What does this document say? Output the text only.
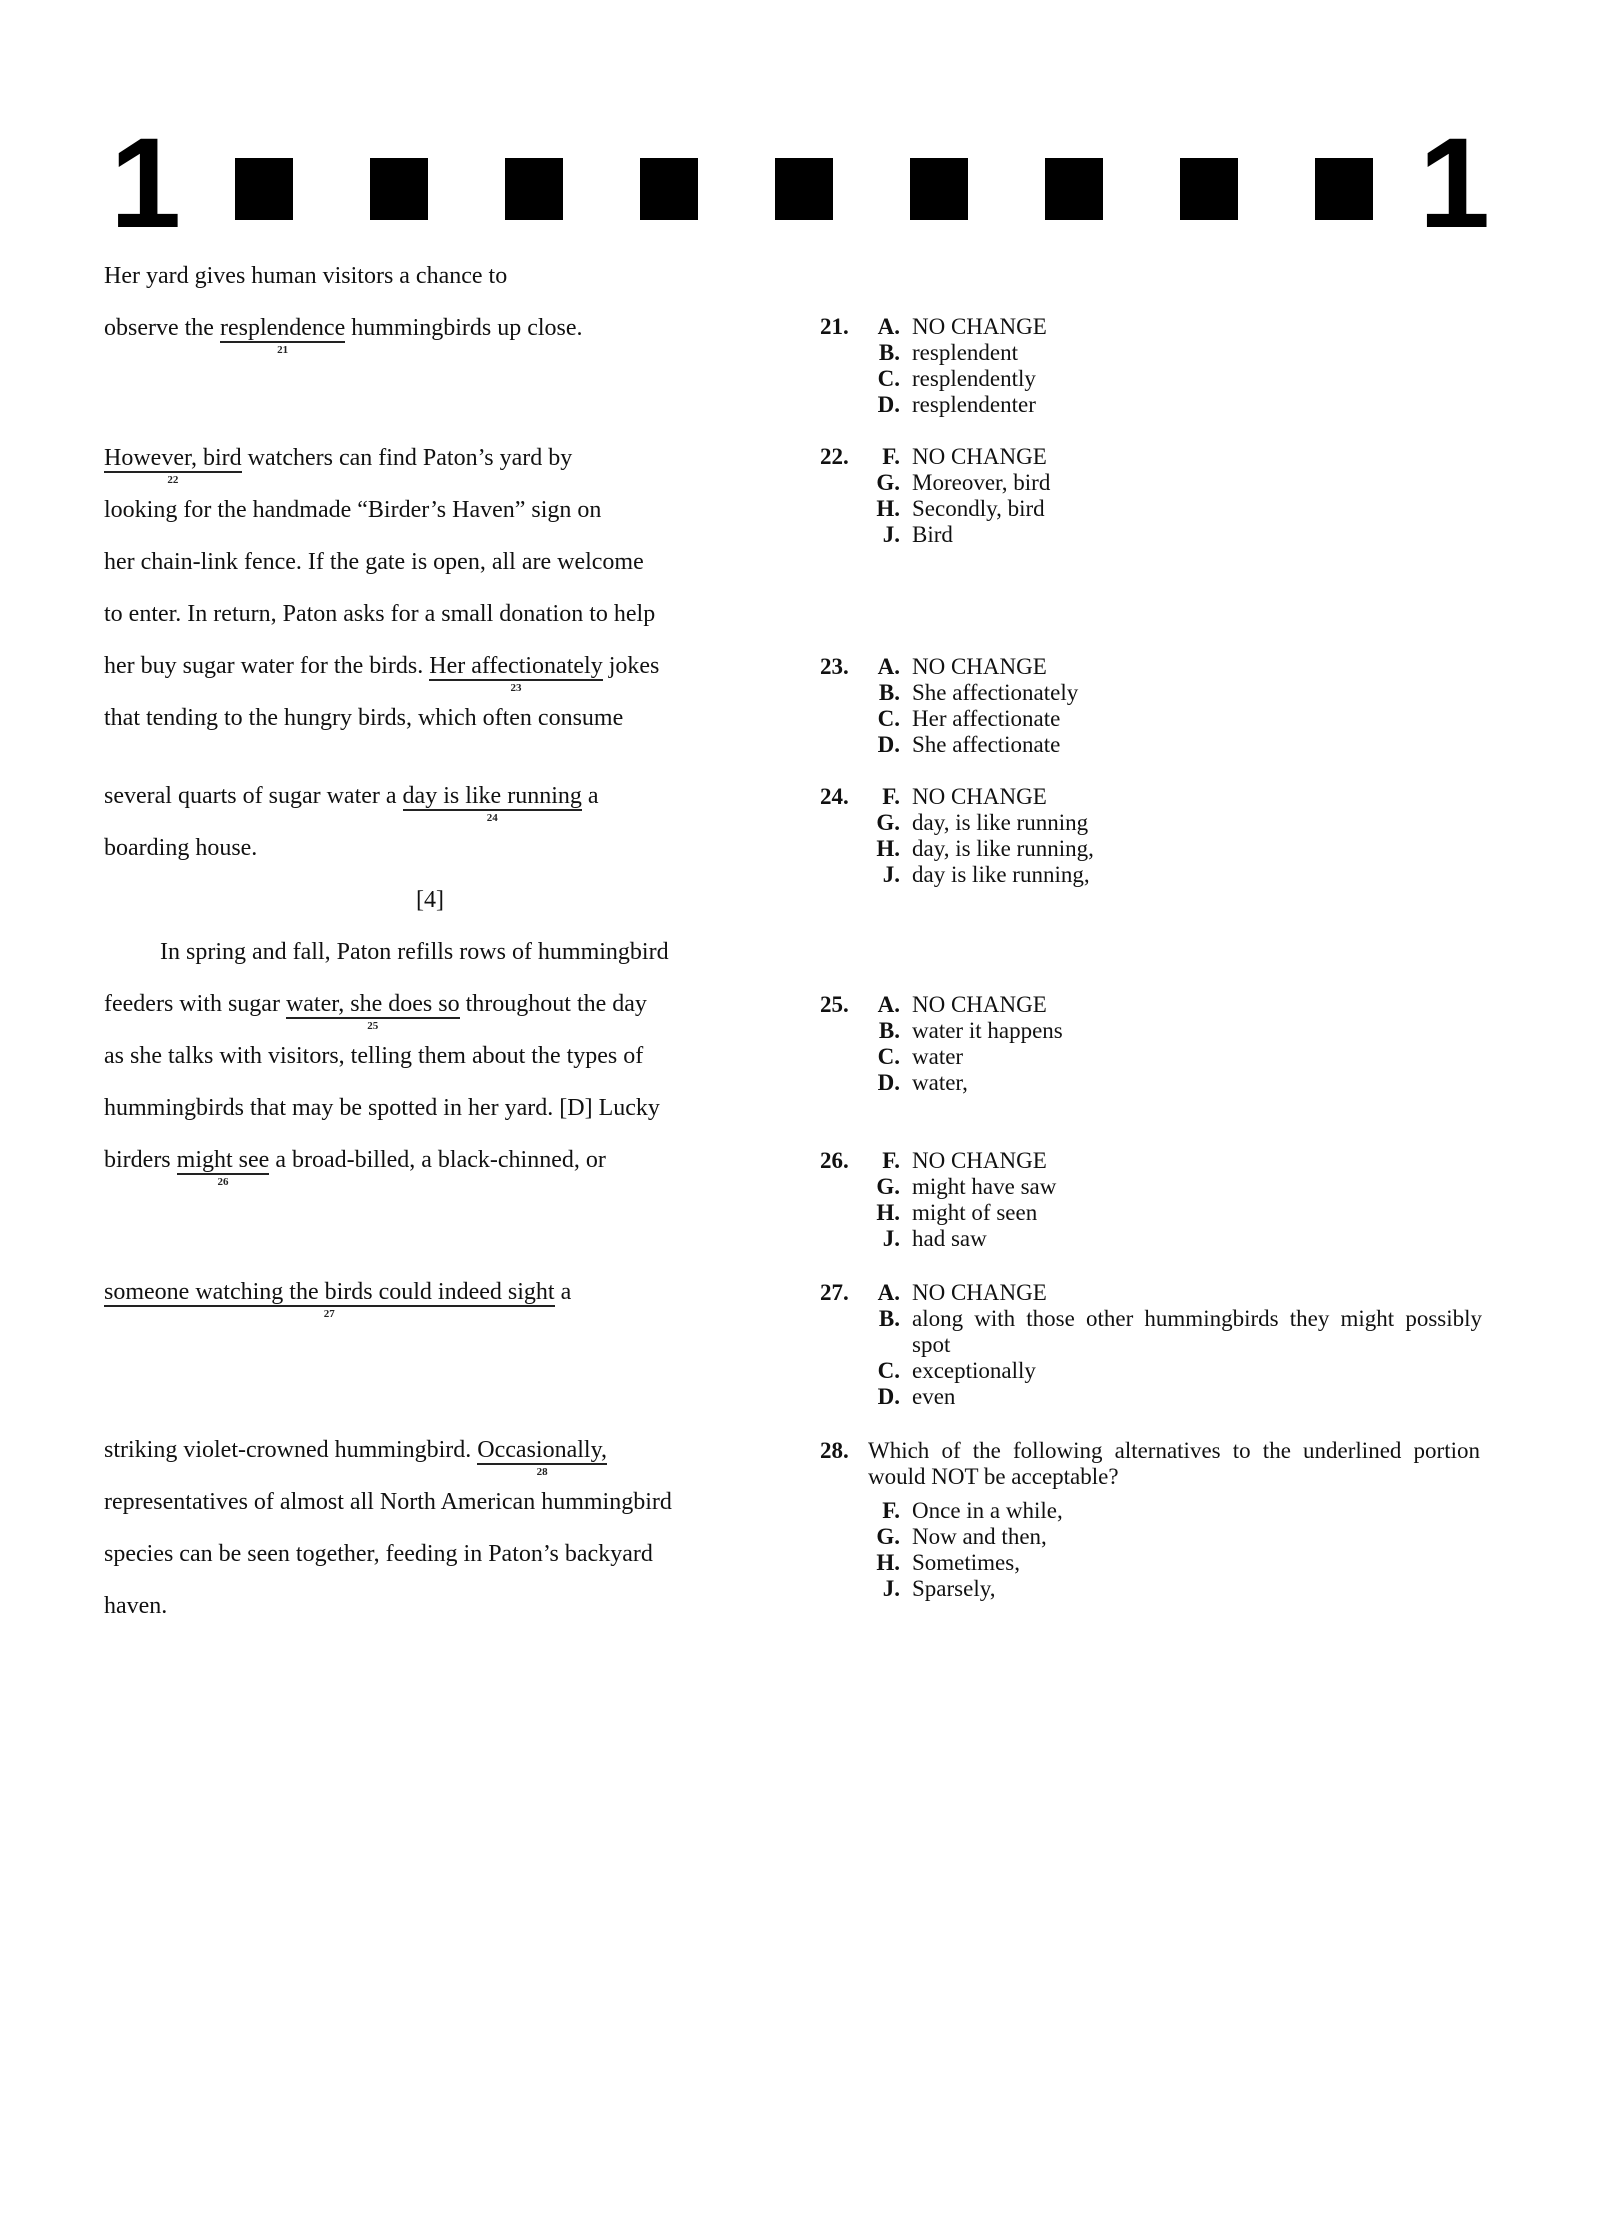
1	1
Her yard gives human visitors a chance to
observe the resplendence
21
hummingbirds up close.
However, bird
22
watchers can find Paton’s yard by
looking for the handmade “Birder’s Haven” sign on
her chain-link fence. If the gate is open, all are welcome
to enter. In return, Paton asks for a small donation to help
her buy sugar water for the birds. Her affectionately
23
jokes
that tending to the hungry birds, which often consume
several quarts of sugar water a day is like running
24
a
boarding house.
[4]
In spring and fall, Paton refills rows of hummingbird
feeders with sugar water, she does so
25
throughout the day
as she talks with visitors, telling them about the types of
hummingbirds that may be spotted in her yard. [D] Lucky
birders might see
26
a broad-billed, a black-chinned, or
someone watching the birds could indeed sight
27
a
striking violet-crowned hummingbird. Occasionally,
28
representatives of almost all North American hummingbird
species can be seen together, feeding in Paton’s backyard
haven.
21.	A. NO CHANGE
B. resplendent
C. resplendently
D. resplendenter
22.	F. NO CHANGE
G. Moreover, bird
H. Secondly, bird
J. Bird
23.	A. NO CHANGE
B. She affectionately
C. Her affectionate
D. She affectionate
24.	F. NO CHANGE
G. day, is like running
H. day, is like running,
J. day is like running,
25.	A. NO CHANGE
B. water it happens
C. water
D. water,
26.	F. NO CHANGE
G. might have saw
H. might of seen
J. had saw
27.	A. NO CHANGE
B. along with those other hummingbirds they might possibly spot
C. exceptionally
D. even
28. Which of the following alternatives to the underlined portion would NOT be acceptable?
F. Once in a while,
G. Now and then,
H. Sometimes,
J. Sparsely,
